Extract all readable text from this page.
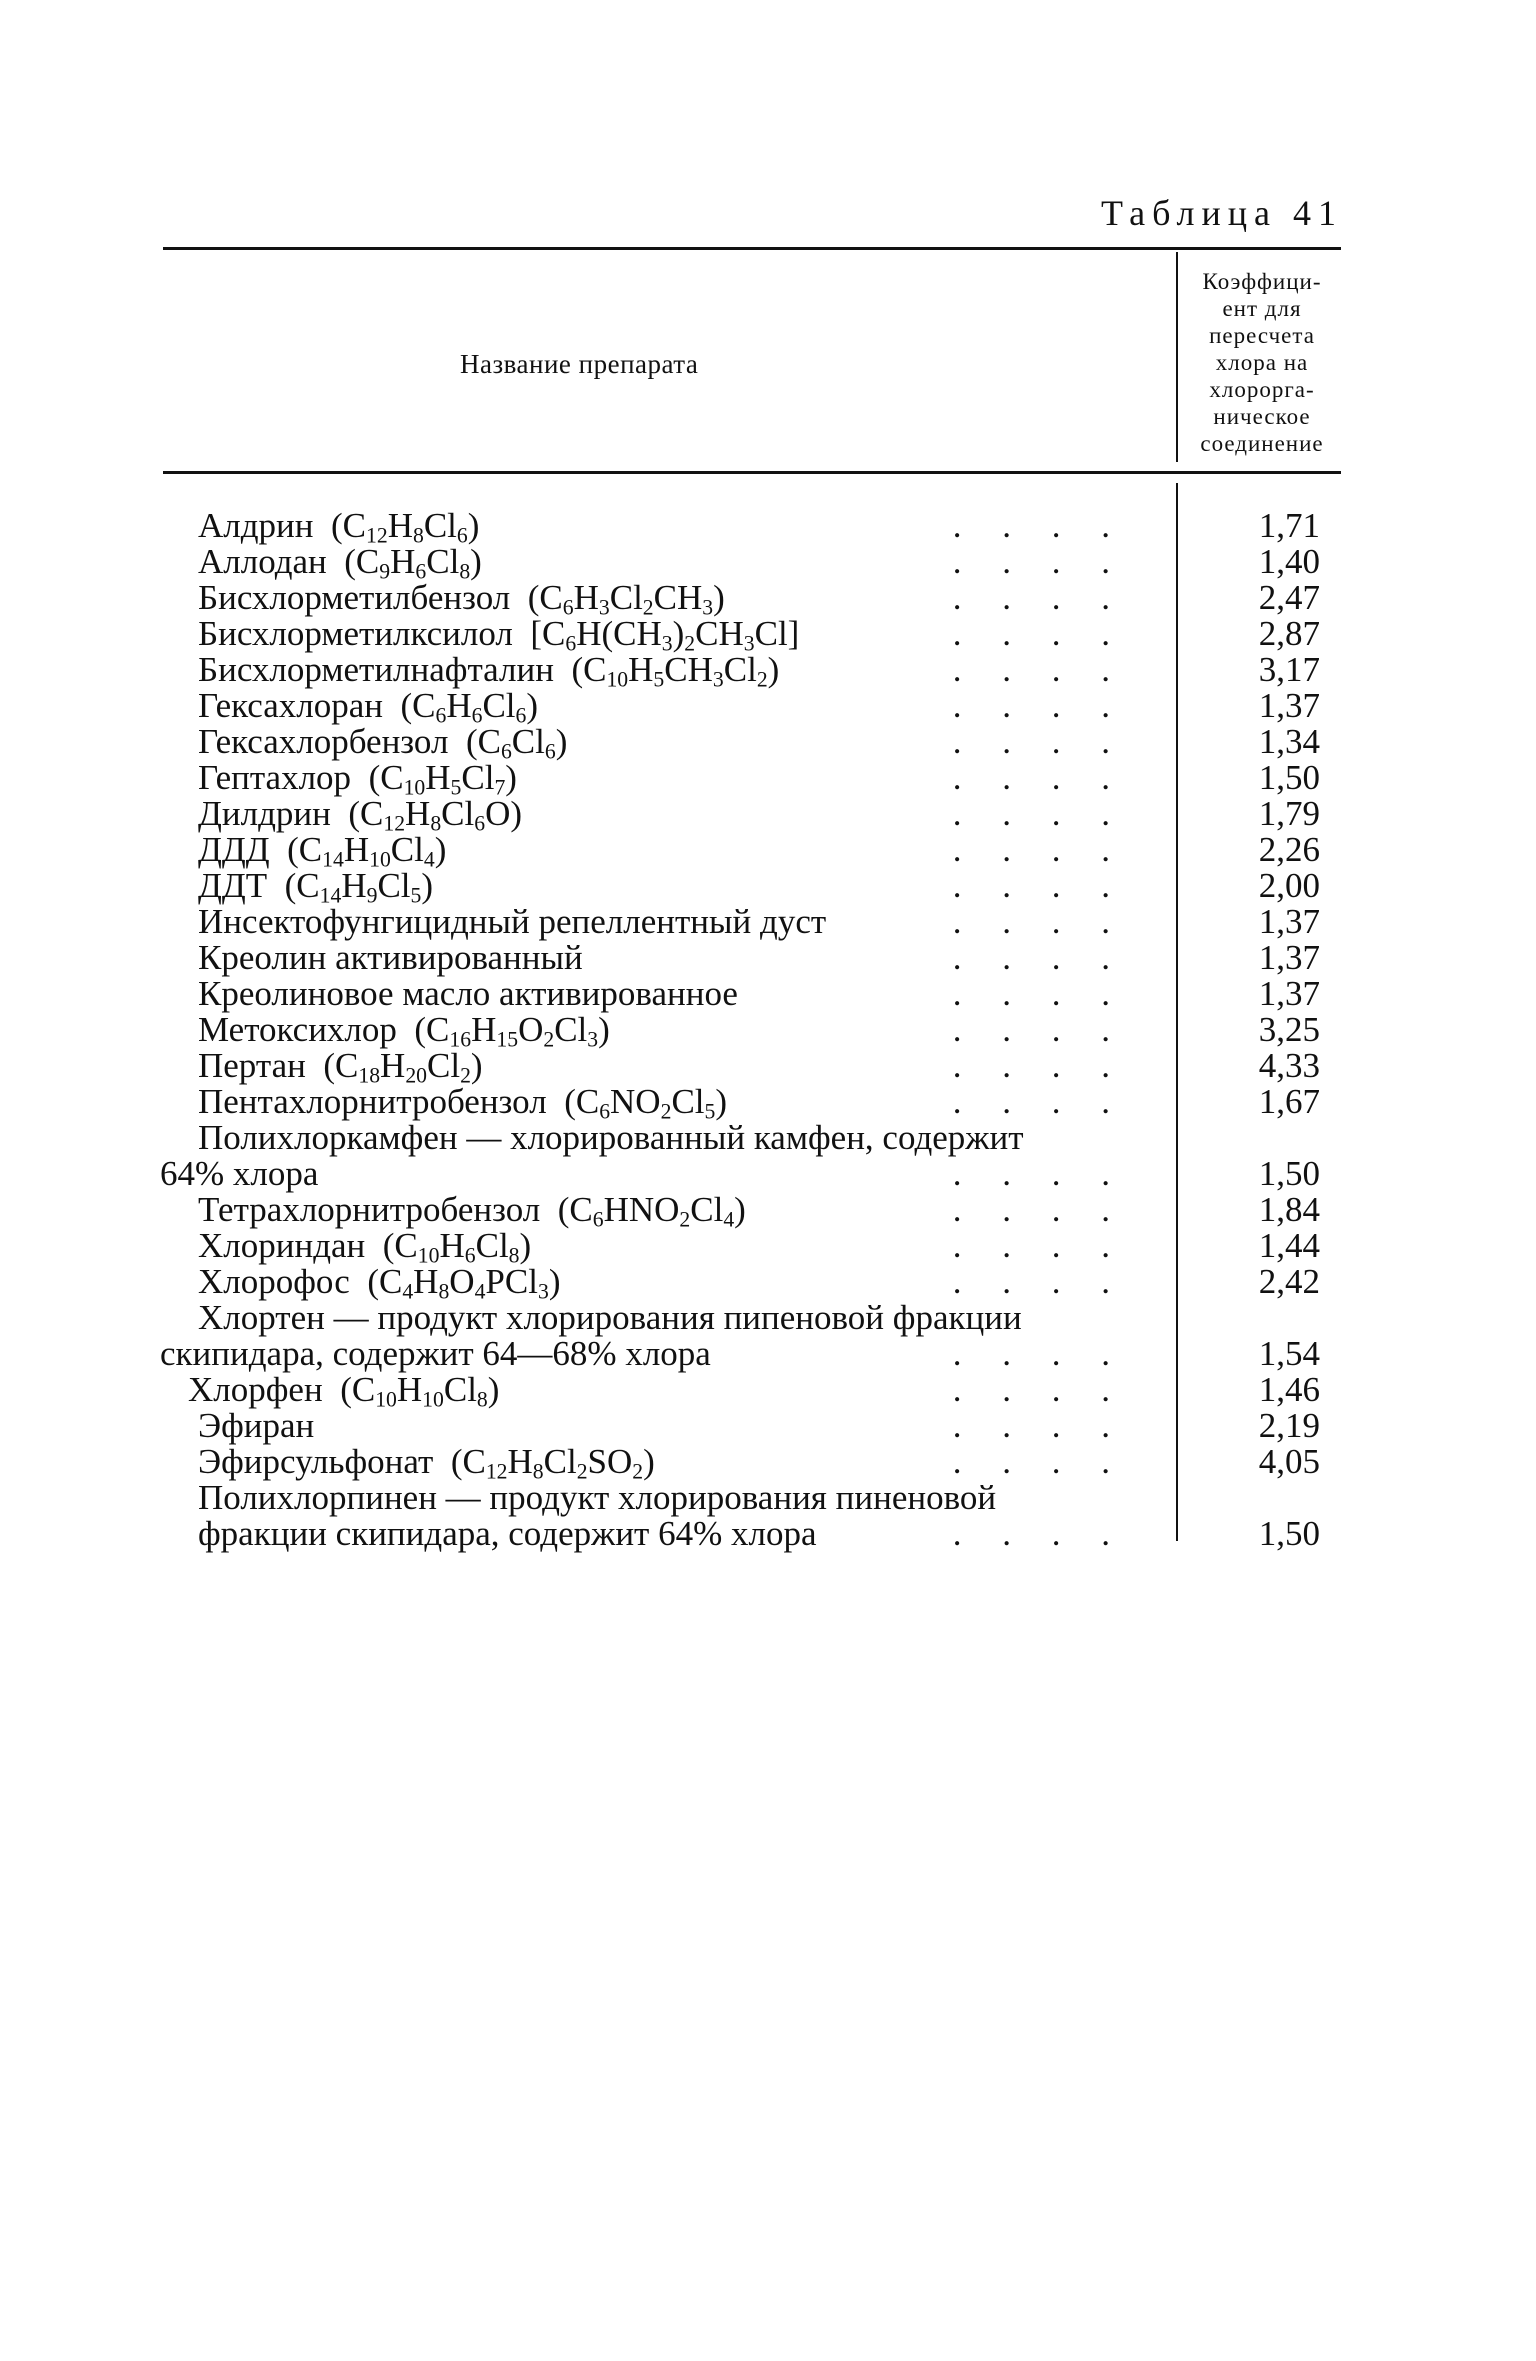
Таблица 41
Название препарата
Коэффици-
ент для
пересчета
хлора на
хлорорга-
ническое
соединение
Алдрин  $(C_{12}H_8Cl_6)$	. . . .	1,71
Аллодан  $(C_9H_6Cl_8)$	. . . .	1,40
Бисхлорметилбензол  $(C_6H_3Cl_2CH_3)$	. . . .	2,47
Бисхлорметилксилол  $[C_6H(CH_3)_2CH_3Cl]$	. . . .	2,87
Бисхлорметилнафталин  $(C_{10}H_5CH_3Cl_2)$	. . . .	3,17
Гексахлоран  $(C_6H_6Cl_6)$	. . . .	1,37
Гексахлорбензол  $(C_6Cl_6)$	. . . .	1,34
Гептахлор  $(C_{10}H_5Cl_7)$	. . . .	1,50
Дилдрин  $(C_{12}H_8Cl_6O)$	. . . .	1,79
ДДД  $(C_{14}H_{10}Cl_4)$	. . . .	2,26
ДДТ  $(C_{14}H_9Cl_5)$	. . . .	2,00
Инсектофунгицидный репеллентный дуст	. . . .	1,37
Креолин активированный	. . . .	1,37
Креолиновое масло активированное	. . . .	1,37
Метоксихлор  $(C_{16}H_{15}O_2Cl_3)$	. . . .	3,25
Пертан  $(C_{18}H_{20}Cl_2)$	. . . .	4,33
Пентахлорнитробензол  $(C_6NO_2Cl_5)$	. . . .	1,67
Полихлоркамфен — хлорированный камфен, содержит
64% хлора	. . . .	1,50
Тетрахлорнитробензол  $(C_6HNO_2Cl_4)$	. . . .	1,84
Хлориндан  $(C_{10}H_6Cl_8)$	. . . .	1,44
Хлорофос  $(C_4H_8O_4PCl_3)$	. . . .	2,42
Хлортен — продукт хлорирования пипеновой фракции
скипидара, содержит 64—68% хлора	. . . .	1,54
Хлорфен  $(C_{10}H_{10}Cl_8)$	. . . .	1,46
Эфиран	. . . .	2,19
Эфирсульфонат  $(C_{12}H_8Cl_2SO_2)$	. . . .	4,05
Полихлорпинен — продукт хлорирования пиненовой
фракции скипидара, содержит 64% хлора	. . . .	1,50
